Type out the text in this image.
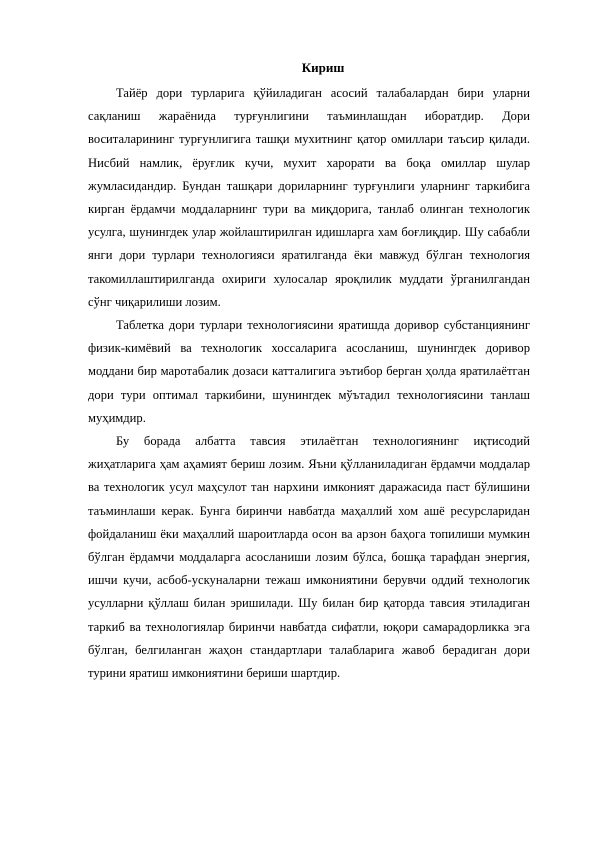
Кириш

Тайёр дори турларига қўйиладиган асосий талабалардан бири уларни сақланиш жараёнида турғунлигини таъминлашдан иборатдир. Дори воситаларининг турғунлигига ташқи мухитнинг қатор омиллари таъсир қилади. Нисбий намлик, ёруғлик кучи, мухит харорати ва боқа омиллар шулар жумласидандир. Бундан ташқари дориларнинг турғунлиги уларнинг таркибига кирган ёрдамчи моддаларнинг тури ва миқдорига, танлаб олинган технологик усулга, шунингдек улар жойлаштирилган идишларга хам боғлиқдир. Шу сабабли янги дори турлари технологияси яратилганда ёки мавжуд бўлган технология такомиллаштирилганда охириги хулосалар яроқлилик муддати ўрганилгандан сўнг чиқарилиши лозим.

Таблетка дори турлари технологиясини яратишда доривор субстанциянинг физик-кимёвий ва технологик хоссаларига асосланиш, шунингдек доривор моддани бир маротабалик дозаси катталигига эътибор берган ҳолда яратилаётган дори тури оптимал таркибини, шунингдек мўътадил технологиясини танлаш муҳимдир.

Бу борада албатта тавсия этилаётган технологиянинг иқтисодий жиҳатларига ҳам аҳамият бериш лозим. Яъни қўлланиладиган ёрдамчи моддалар ва технологик усул маҳсулот тан нархини имконият даражасида паст бўлишини таъминлаши керак. Бунга биринчи навбатда маҳаллий хом ашё ресурсларидан фойдаланиш ёки маҳаллий шароитларда осон ва арзон баҳога топилиши мумкин бўлган ёрдамчи моддаларга асосланиши лозим бўлса, бошқа тарафдан энергия, ишчи кучи, асбоб-ускуналарни тежаш имкониятини берувчи оддий технологик усулларни қўллаш билан эришилади. Шу билан бир қаторда тавсия этиладиган таркиб ва технологиялар биринчи навбатда сифатли, юқори самарадорликка эга бўлган, белгиланган жаҳон стандартлари талабларига жавоб берадиган дори турини яратиш имкониятини бериши шартдир.
